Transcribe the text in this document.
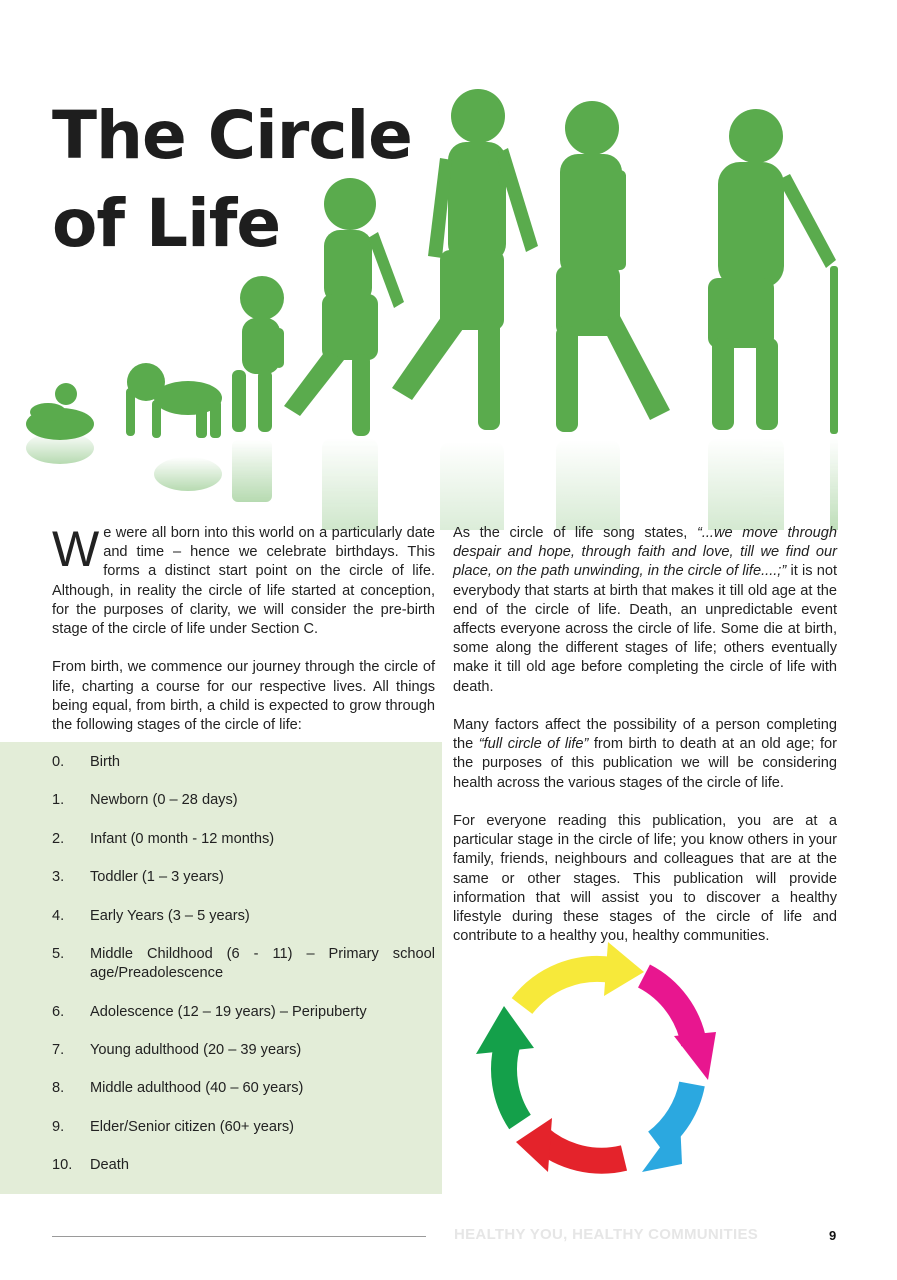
The Circle
of Life

We were all born into this world on a particularly date and time – hence we celebrate birthdays. This forms a distinct start point on the circle of life. Although, in reality the circle of life started at conception, for the purposes of clarity, we will consider the pre-birth stage of the circle of life under Section C.

From birth, we commence our journey through the circle of life, charting a course for our respective lives. All things being equal, from birth, a child is expected to grow through the following stages of the circle of life:

0.	Birth
1.	Newborn (0 – 28 days)
2.	Infant (0 month - 12 months)
3.	Toddler (1 – 3 years)
4.	Early Years (3 – 5 years)
5.	Middle Childhood (6 - 11) – Primary school age/Preadolescence
6.	Adolescence (12 – 19 years) – Peripuberty
7.	Young adulthood (20 – 39 years)
8.	Middle adulthood (40 – 60 years)
9.	Elder/Senior citizen (60+ years)
10.	Death

As the circle of life song states, “...we move through despair and hope, through faith and love, till we find our place, on the path unwinding, in the circle of life....;” it is not everybody that starts at birth that makes it till old age at the end of the circle of life. Death, an unpredictable event affects everyone across the circle of life. Some die at birth, some along the different stages of life; others eventually make it till old age before completing the circle of life with death.

Many factors affect the possibility of a person completing the “full circle of life” from birth to death at an old age; for the purposes of this publication we will be considering health across the various stages of the circle of life.

For everyone reading this publication, you are at a particular stage in the circle of life; you know others in your family, friends, neighbours and colleagues that are at the same or other stages. This publication will provide information that will assist you to discover a healthy lifestyle during these stages of the circle of life and contribute to a healthy you, healthy communities.

HEALTHY YOU, HEALTHY COMMUNITIES	9
